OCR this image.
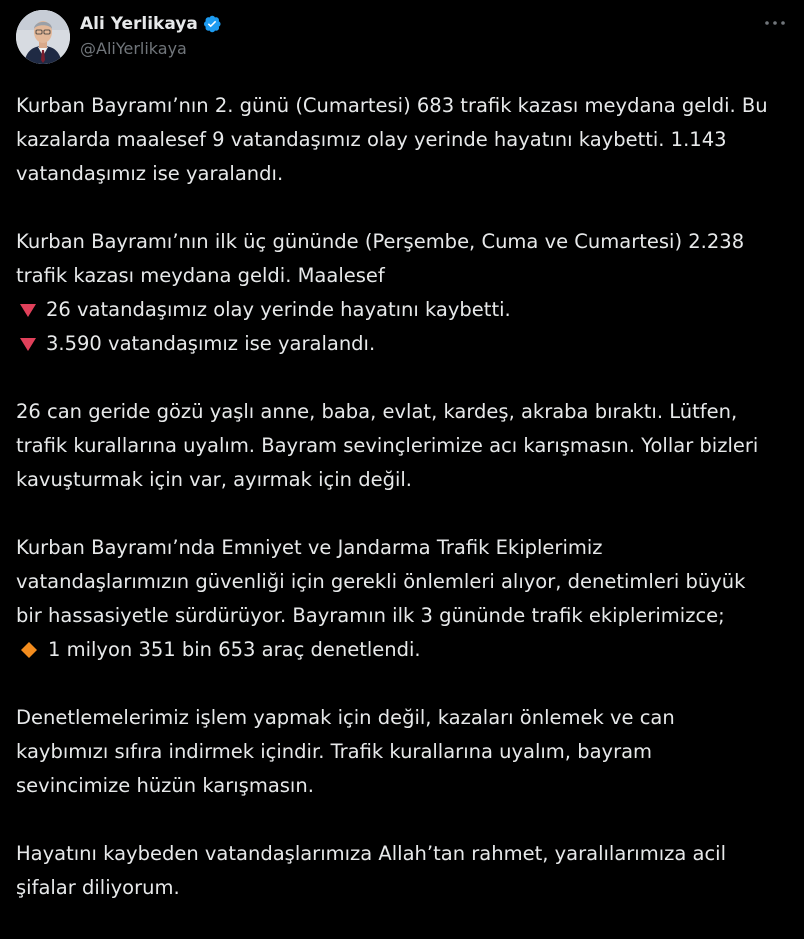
Ali Yerlikaya
@AliYerlikaya
Kurban Bayramı’nın 2. günü (Cumartesi) 683 trafik kazası meydana geldi. Bu
kazalarda maalesef 9 vatandaşımız olay yerinde hayatını kaybetti. 1.143
vatandaşımız ise yaralandı.
Kurban Bayramı’nın ilk üç gününde (Perşembe, Cuma ve Cumartesi) 2.238
trafik kazası meydana geldi. Maalesef
26 vatandaşımız olay yerinde hayatını kaybetti.
3.590 vatandaşımız ise yaralandı.
26 can geride gözü yaşlı anne, baba, evlat, kardeş, akraba bıraktı. Lütfen,
trafik kurallarına uyalım. Bayram sevinçlerimize acı karışmasın. Yollar bizleri
kavuşturmak için var, ayırmak için değil.
Kurban Bayramı’nda Emniyet ve Jandarma Trafik Ekiplerimiz
vatandaşlarımızın güvenliği için gerekli önlemleri alıyor, denetimleri büyük
bir hassasiyetle sürdürüyor. Bayramın ilk 3 gününde trafik ekiplerimizce;
1 milyon 351 bin 653 araç denetlendi.
Denetlemelerimiz işlem yapmak için değil, kazaları önlemek ve can
kaybımızı sıfıra indirmek içindir. Trafik kurallarına uyalım, bayram
sevincimize hüzün karışmasın.
Hayatını kaybeden vatandaşlarımıza Allah’tan rahmet, yaralılarımıza acil
şifalar diliyorum.
